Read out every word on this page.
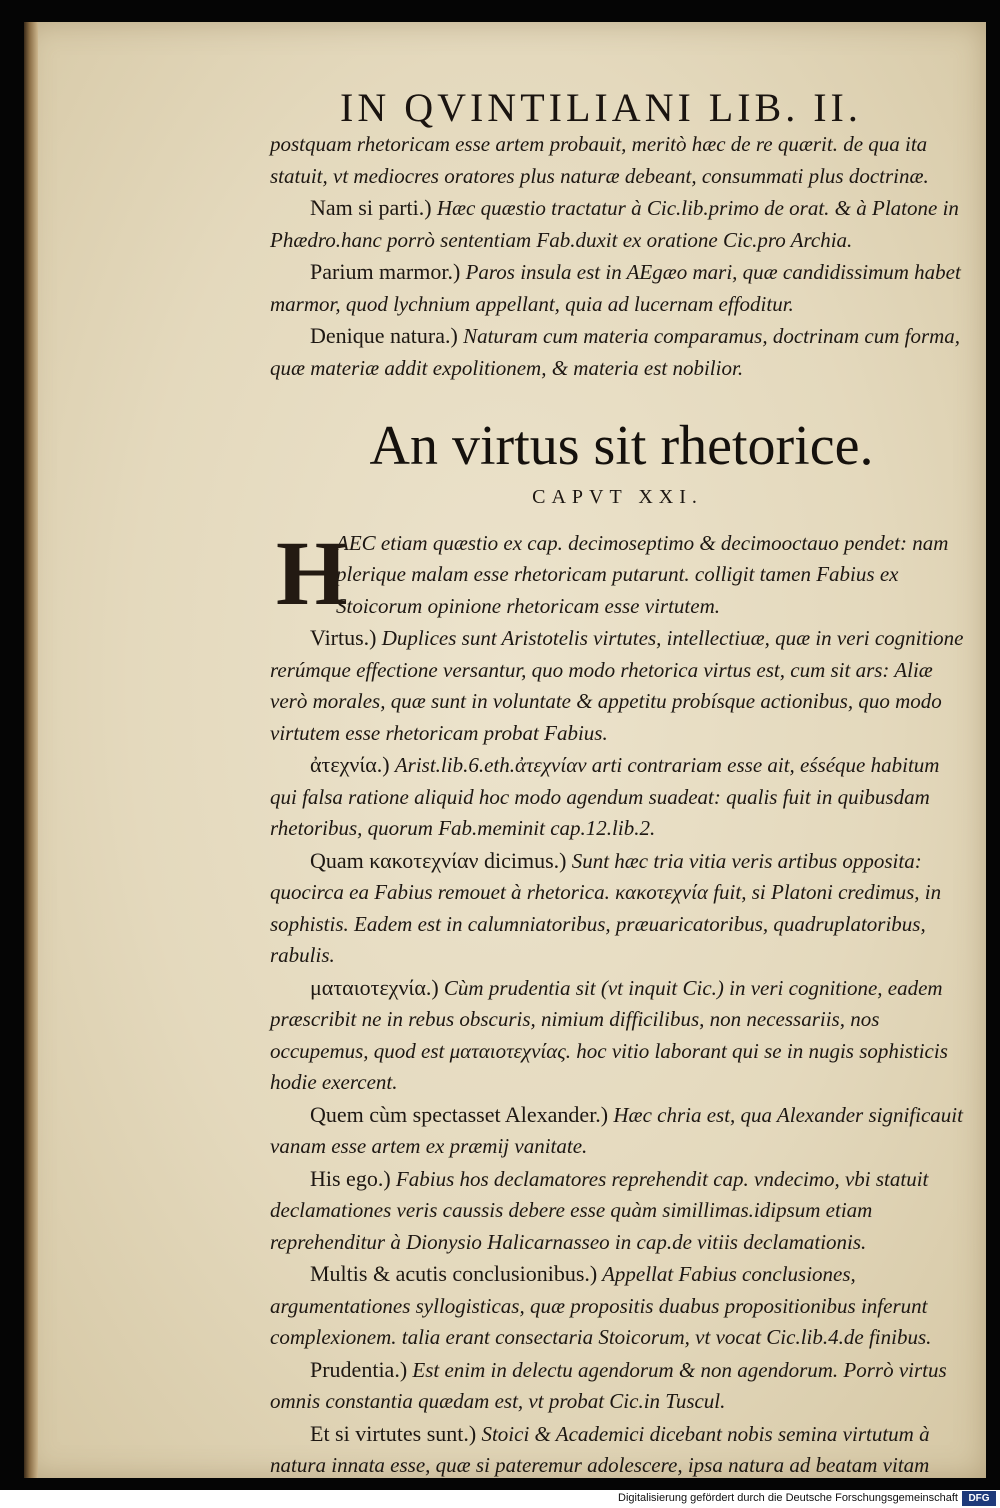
IN QVINTILIANI LIB. II.

postquam rhetoricam esse artem probauit, meritò hæc de re quærit. de qua ita statuit, vt mediocres oratores plus naturæ debeant, consummati plus doctrinæ.

Nam si parti.) Hæc quæstio tractatur à Cic.lib.primo de orat. & à Platone in Phædro.hanc porrò sententiam Fab.duxit ex oratione Cic.pro Archia.

Parium marmor.) Paros insula est in AEgæo mari, quæ candidissimum habet marmor, quod lychnium appellant, quia ad lucernam effoditur.

Denique natura.) Naturam cum materia comparamus, doctrinam cum forma, quæ materiæ addit expolitionem, & materia est nobilior.

An virtus sit rhetorice.
CAPVT XXI.
H

AEC etiam quæstio ex cap. decimoseptimo & decimooctauo pendet: nam plerique malam esse rhetoricam putarunt. colligit tamen Fabius ex Stoicorum opinione rhetoricam esse virtutem.

Virtus.) Duplices sunt Aristotelis virtutes, intellectiuæ, quæ in veri cognitione rerúmque effectione versantur, quo modo rhetorica virtus est, cum sit ars: Aliæ verò morales, quæ sunt in voluntate & appetitu probísque actionibus, quo modo virtutem esse rhetoricam probat Fabius.

ἀτεχνία.) Arist.lib.6.eth.ἀτεχνίαν arti contrariam esse ait, eśséque habitum qui falsa ratione aliquid hoc modo agendum suadeat: qualis fuit in quibusdam rhetoribus, quorum Fab.meminit cap.12.lib.2.

Quam κακοτεχνίαν dicimus.) Sunt hæc tria vitia veris artibus opposita: quocirca ea Fabius remouet à rhetorica. κακοτεχνία fuit, si Platoni credimus, in sophistis. Eadem est in calumniatoribus, præuaricatoribus, quadruplatoribus, rabulis.

ματαιοτεχνία.) Cùm prudentia sit (vt inquit Cic.) in veri cognitione, eadem præscribit ne in rebus obscuris, nimium difficilibus, non necessariis, nos occupemus, quod est ματαιοτεχνίας. hoc vitio laborant qui se in nugis sophisticis hodie exercent.

Quem cùm spectasset Alexander.) Hæc chria est, qua Alexander significauit vanam esse artem ex præmij vanitate.

His ego.) Fabius hos declamatores reprehendit cap. vndecimo, vbi statuit declamationes veris caussis debere esse quàm simillimas.idipsum etiam reprehenditur à Dionysio Halicarnasseo in cap.de vitiis declamationis.

Multis & acutis conclusionibus.) Appellat Fabius conclusiones, argumentationes syllogisticas, quæ propositis duabus propositionibus inferunt complexionem. talia erant consectaria Stoicorum, vt vocat Cic.lib.4.de finibus.

Prudentia.) Est enim in delectu agendorum & non agendorum. Porrò virtus omnis constantia quædam est, vt probat Cic.in Tuscul.

Et si virtutes sunt.) Stoici & Academici dicebant nobis semina virtutum à natura innata esse, quæ si pateremur adolescere, ipsa natura ad beatam vitam

Digitalisierung gefördert durch die Deutsche Forschungsgemeinschaft	DFG
